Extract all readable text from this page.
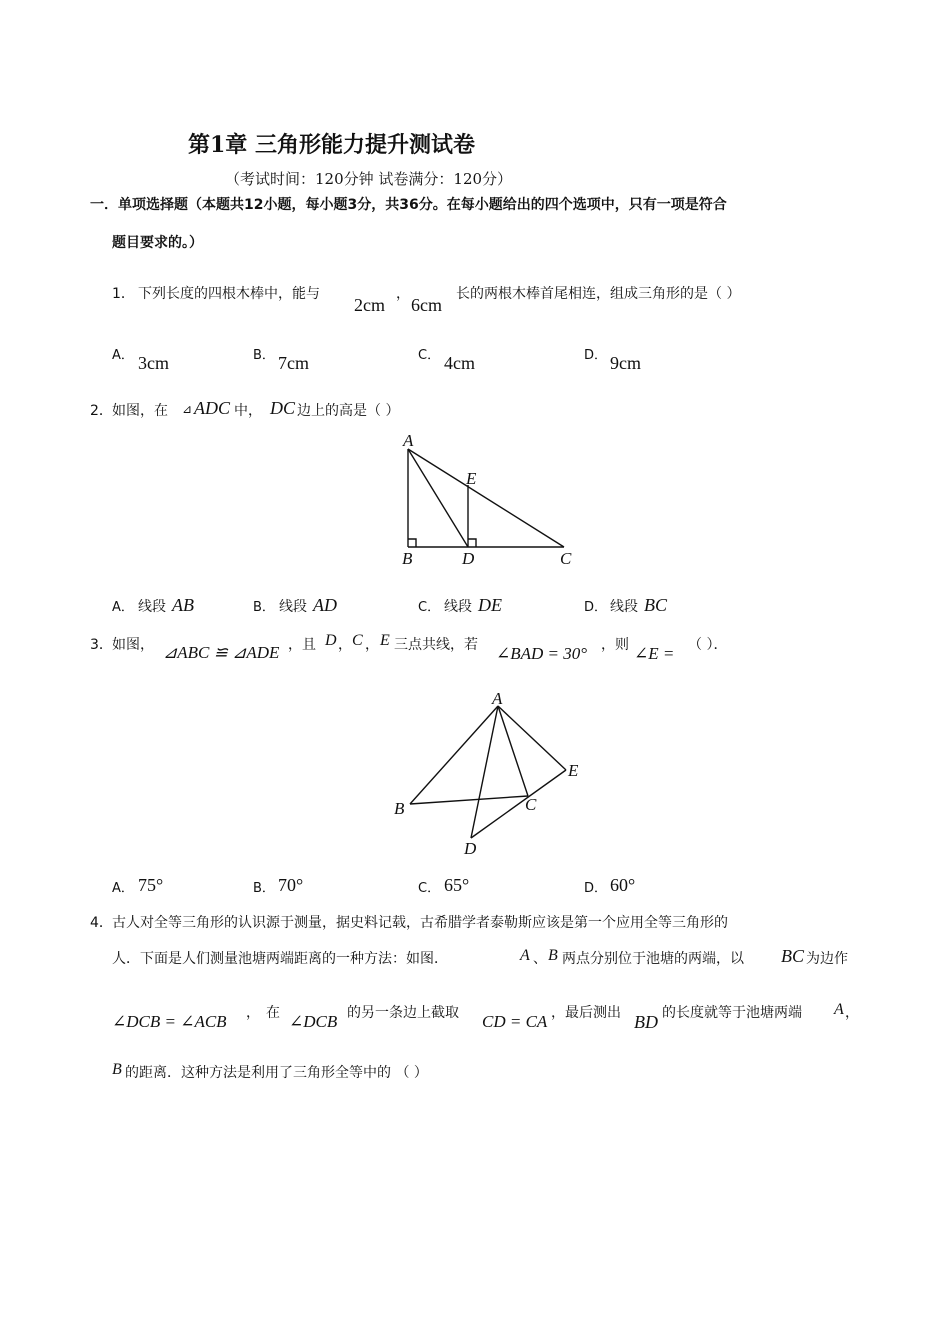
第1章 三角形能力提升测试卷
（考试时间：120分钟 试卷满分：120分）
一．单项选择题（本题共12小题，每小题3分，共36分。在每小题给出的四个选项中，只有一项是符合
题目要求的。）
1． 下列长度的四根木棒中，能与
2cm
，
6cm
长的两根木棒首尾相连，组成三角形的是（ ）
A． 3cm	B． 7cm	C． 4cm	D． 9cm
2． 如图，在 ⊿ ADC 中， DC 边上的高是（ ）
A
E
B	D	C
A． 线段 AB	B． 线段 AD	C． 线段 DE	D． 线段 BC
3． 如图， ⊿ABC ≌ ⊿ADE ，且 D ， C ， E 三点共线，若 ∠BAD = 30° ，则 ∠E = （ ）．
A
E
B	C
D
A． 75°	B． 70°	C． 65°	D． 60°
4． 古人对全等三角形的认识源于测量，据史料记载，古希腊学者泰勒斯应该是第一个应用全等三角形的
人．下面是人们测量池塘两端距离的一种方法：如图．	A 、 B 两点分别位于池塘的两端，以 BC 为边作
∠DCB = ∠ACB ， 在 ∠DCB 的另一条边上截取 CD = CA ，最后测出 BD 的长度就等于池塘两端 A ，
B 的距离．这种方法是利用了三角形全等中的 （ ）
